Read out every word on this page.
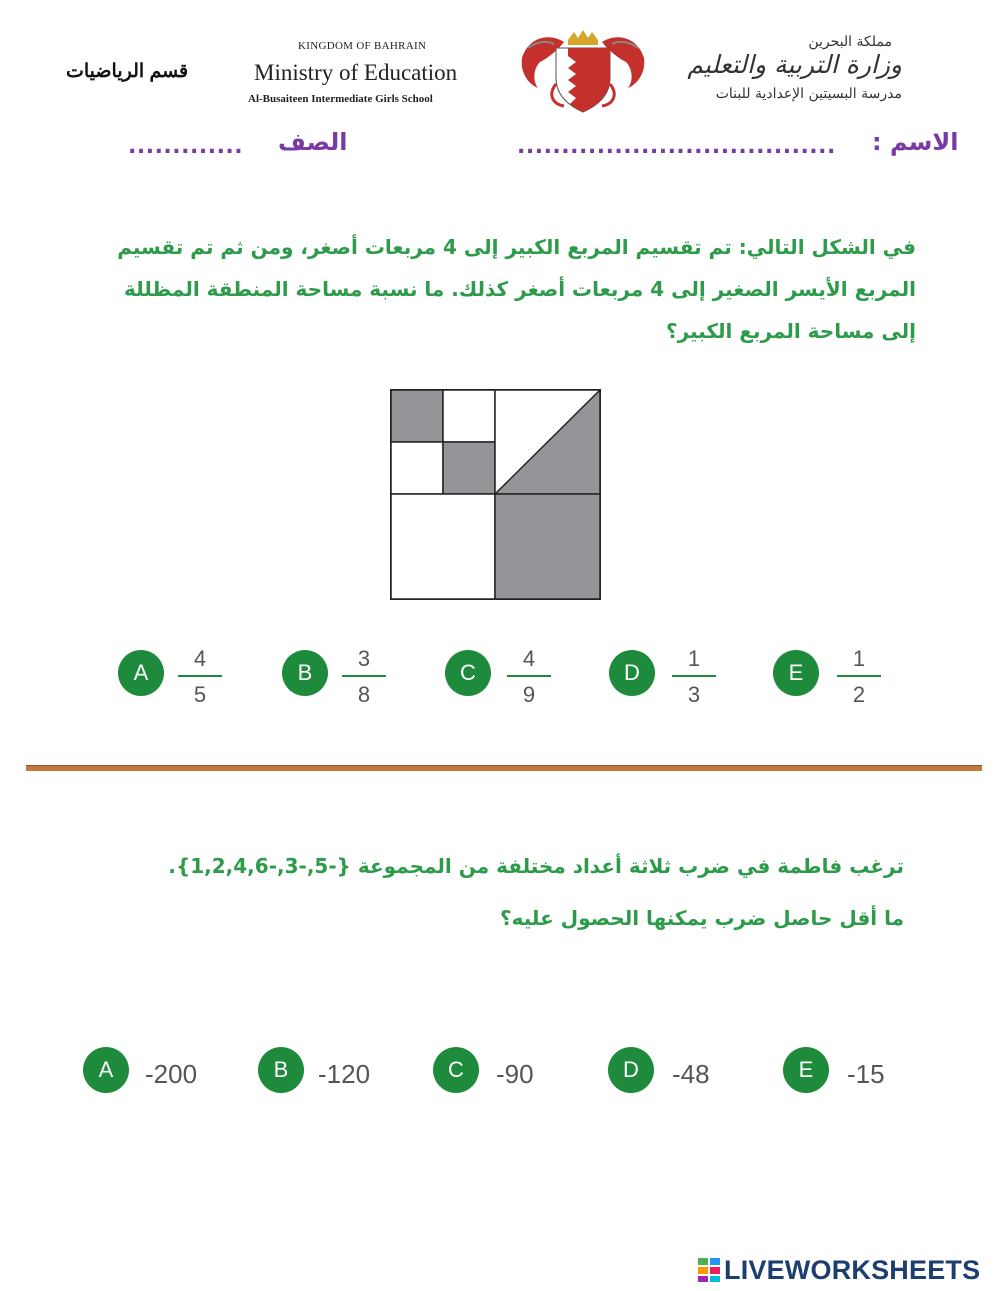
قسم الرياضيات
KINGDOM OF BAHRAIN
Ministry of Education
Al-Busaiteen Intermediate Girls School
مملكة البحرين
وزارة التربية والتعليم
مدرسة البسيتين الإعدادية للبنات
الاسم :
....................................
الصف
.............
في الشكل التالي: تم تقسيم المربع الكبير إلى 4 مربعات أصغر، ومن ثم تم تقسيم
المربع الأيسر الصغير إلى 4 مربعات أصغر كذلك. ما نسبة مساحة المنطقة المظللة
إلى مساحة المربع الكبير؟
A
4
5
B
3
8
C
4
9
D
1
3
E
1
2
ترغب فاطمة في ضرب ثلاثة أعداد مختلفة من المجموعة {-5,-3,-1,2,4,6}.
ما أقل حاصل ضرب يمكنها الحصول عليه؟
A	-200	B	-120	C	-90	D	-48	E	-15
LIVEWORKSHEETS
